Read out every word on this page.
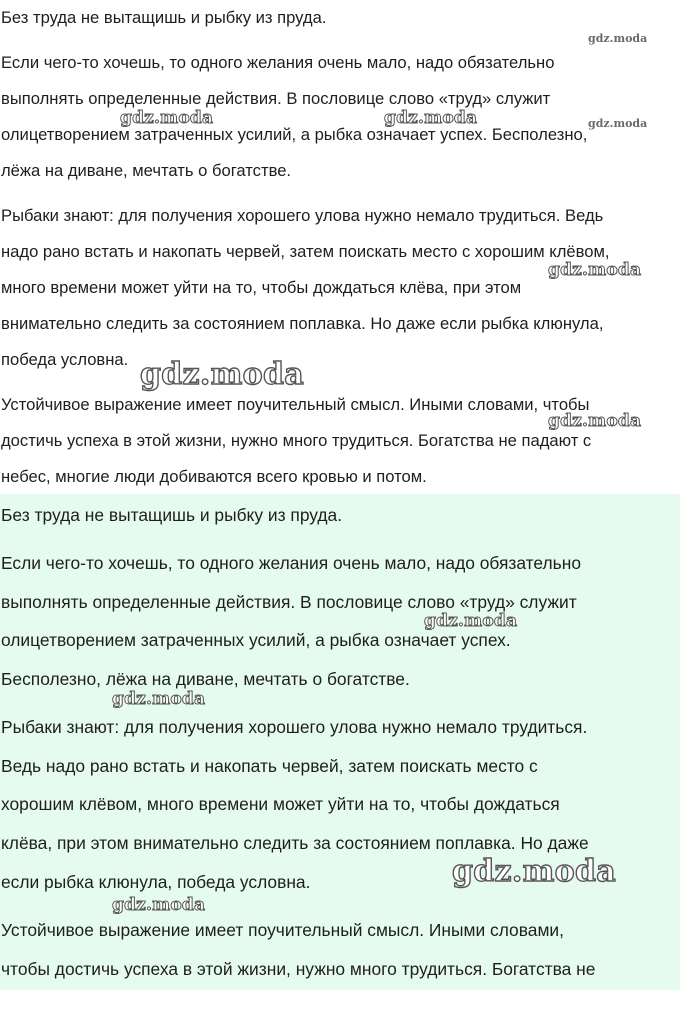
Без труда не вытащишь и рыбку из пруда.
Если чего-то хочешь, то одного желания очень мало, надо обязательно
выполнять определенные действия. В пословице слово «труд» служит
олицетворением затраченных усилий, а рыбка означает успех. Бесполезно,
лёжа на диване, мечтать о богатстве.
Рыбаки знают: для получения хорошего улова нужно немало трудиться. Ведь
надо рано встать и накопать червей, затем поискать место с хорошим клёвом,
много времени может уйти на то, чтобы дождаться клёва, при этом
внимательно следить за состоянием поплавка. Но даже если рыбка клюнула,
победа условна.
Устойчивое выражение имеет поучительный смысл. Иными словами, чтобы
достичь успеха в этой жизни, нужно много трудиться. Богатства не падают с
небес, многие люди добиваются всего кровью и потом.
Без труда не вытащишь и рыбку из пруда.
Если чего-то хочешь, то одного желания очень мало, надо обязательно
выполнять определенные действия. В пословице слово «труд» служит
олицетворением затраченных усилий, а рыбка означает успех.
Бесполезно, лёжа на диване, мечтать о богатстве.
Рыбаки знают: для получения хорошего улова нужно немало трудиться.
Ведь надо рано встать и накопать червей, затем поискать место с
хорошим клёвом, много времени может уйти на то, чтобы дождаться
клёва, при этом внимательно следить за состоянием поплавка. Но даже
если рыбка клюнула, победа условна.
Устойчивое выражение имеет поучительный смысл. Иными словами,
чтобы достичь успеха в этой жизни, нужно много трудиться. Богатства не
gdz.moda
gdz.moda	gdz.moda	gdz.moda
gdz.moda
gdz.moda
gdz.moda
gdz.moda
gdz.moda
gdz.moda
gdz.moda
